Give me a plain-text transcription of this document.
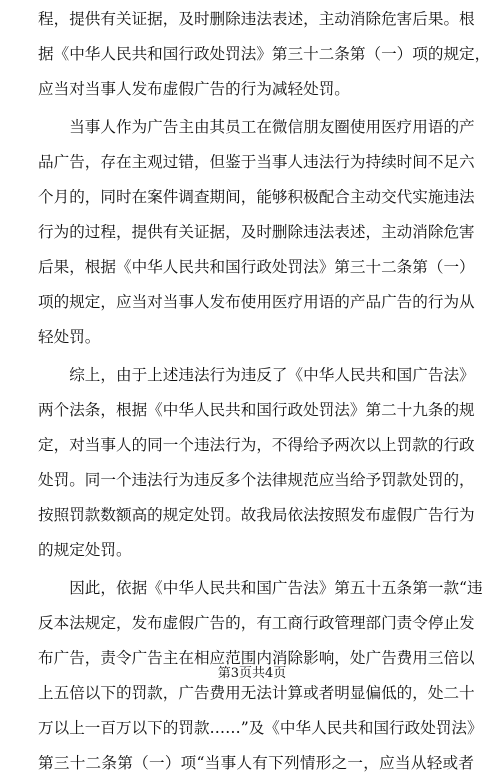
程，提供有关证据，及时删除违法表述，主动消除危害后果。根
据《中华人民共和国行政处罚法》第三十二条第（一）项的规定，
应当对当事人发布虚假广告的行为减轻处罚。
　　当事人作为广告主由其员工在微信朋友圈使用医疗用语的产
品广告，存在主观过错，但鉴于当事人违法行为持续时间不足六
个月的，同时在案件调查期间，能够积极配合主动交代实施违法
行为的过程，提供有关证据，及时删除违法表述，主动消除危害
后果，根据《中华人民共和国行政处罚法》第三十二条第（一）
项的规定，应当对当事人发布使用医疗用语的产品广告的行为从
轻处罚。
　　综上，由于上述违法行为违反了《中华人民共和国广告法》
两个法条，根据《中华人民共和国行政处罚法》第二十九条的规
定，对当事人的同一个违法行为，不得给予两次以上罚款的行政
处罚。同一个违法行为违反多个法律规范应当给予罚款处罚的，
按照罚款数额高的规定处罚。故我局依法按照发布虚假广告行为
的规定处罚。
　　因此，依据《中华人民共和国广告法》第五十五条第一款“违
反本法规定，发布虚假广告的，有工商行政管理部门责令停止发
布广告，责令广告主在相应范围内消除影响，处广告费用三倍以
上五倍以下的罚款，广告费用无法计算或者明显偏低的，处二十
万以上一百万以下的罚款……”及《中华人民共和国行政处罚法》
第三十二条第（一）项“当事人有下列情形之一，应当从轻或者
第3页共4页
